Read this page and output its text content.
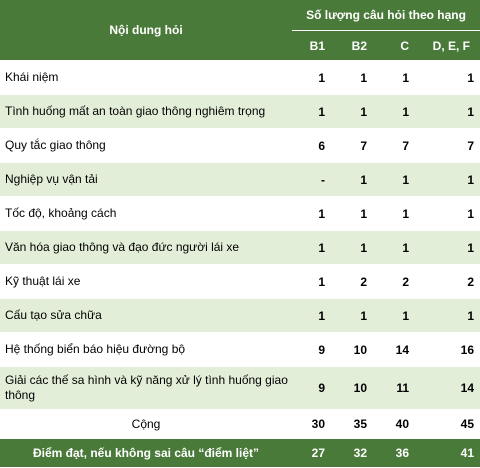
Nội dung hỏi	Số lượng câu hỏi theo hạng			
	B1	B2	C	D, E, F
Khái niệm	1	1	1	1
Tình huống mất an toàn giao thông nghiêm trọng	1	1	1	1
Quy tắc giao thông	6	7	7	7
Nghiệp vụ vận tải	-	1	1	1
Tốc độ, khoảng cách	1	1	1	1
Văn hóa giao thông và đạo đức người lái xe	1	1	1	1
Kỹ thuật lái xe	1	2	2	2
Cấu tạo sửa chữa	1	1	1	1
Hệ thống biển báo hiệu đường bộ	9	10	14	16
Giải các thế sa hình và kỹ năng xử lý tình huống giao thông	9	10	11	14
Cộng	30	35	40	45
Điểm đạt, nếu không sai câu “điểm liệt”	27	32	36	41
